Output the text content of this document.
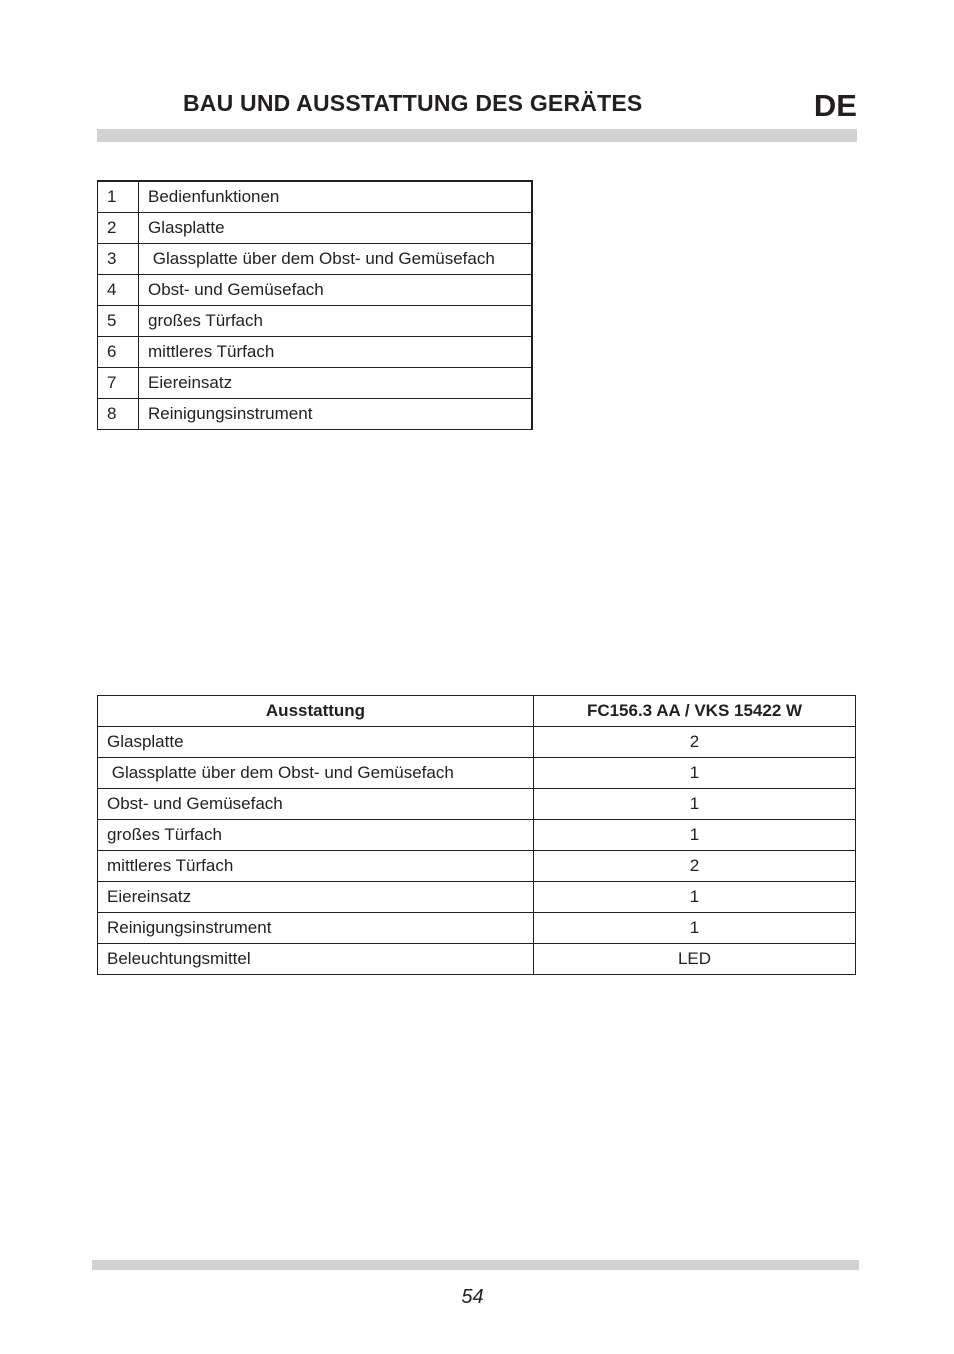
BAU UND AUSSTATTUNG DES GERÄTES	DE
1	Bedienfunktionen
2	Glasplatte
3	Glassplatte über dem Obst- und Gemüsefach
4	Obst- und Gemüsefach
5	großes Türfach
6	mittleres Türfach
7	Eiereinsatz
8	Reinigungsinstrument
Ausstattung	FC156.3 AA / VKS 15422 W
Glasplatte	2
Glassplatte über dem Obst- und Gemüsefach	1
Obst- und Gemüsefach	1
großes Türfach	1
mittleres Türfach	2
Eiereinsatz	1
Reinigungsinstrument	1
Beleuchtungsmittel	LED
54
